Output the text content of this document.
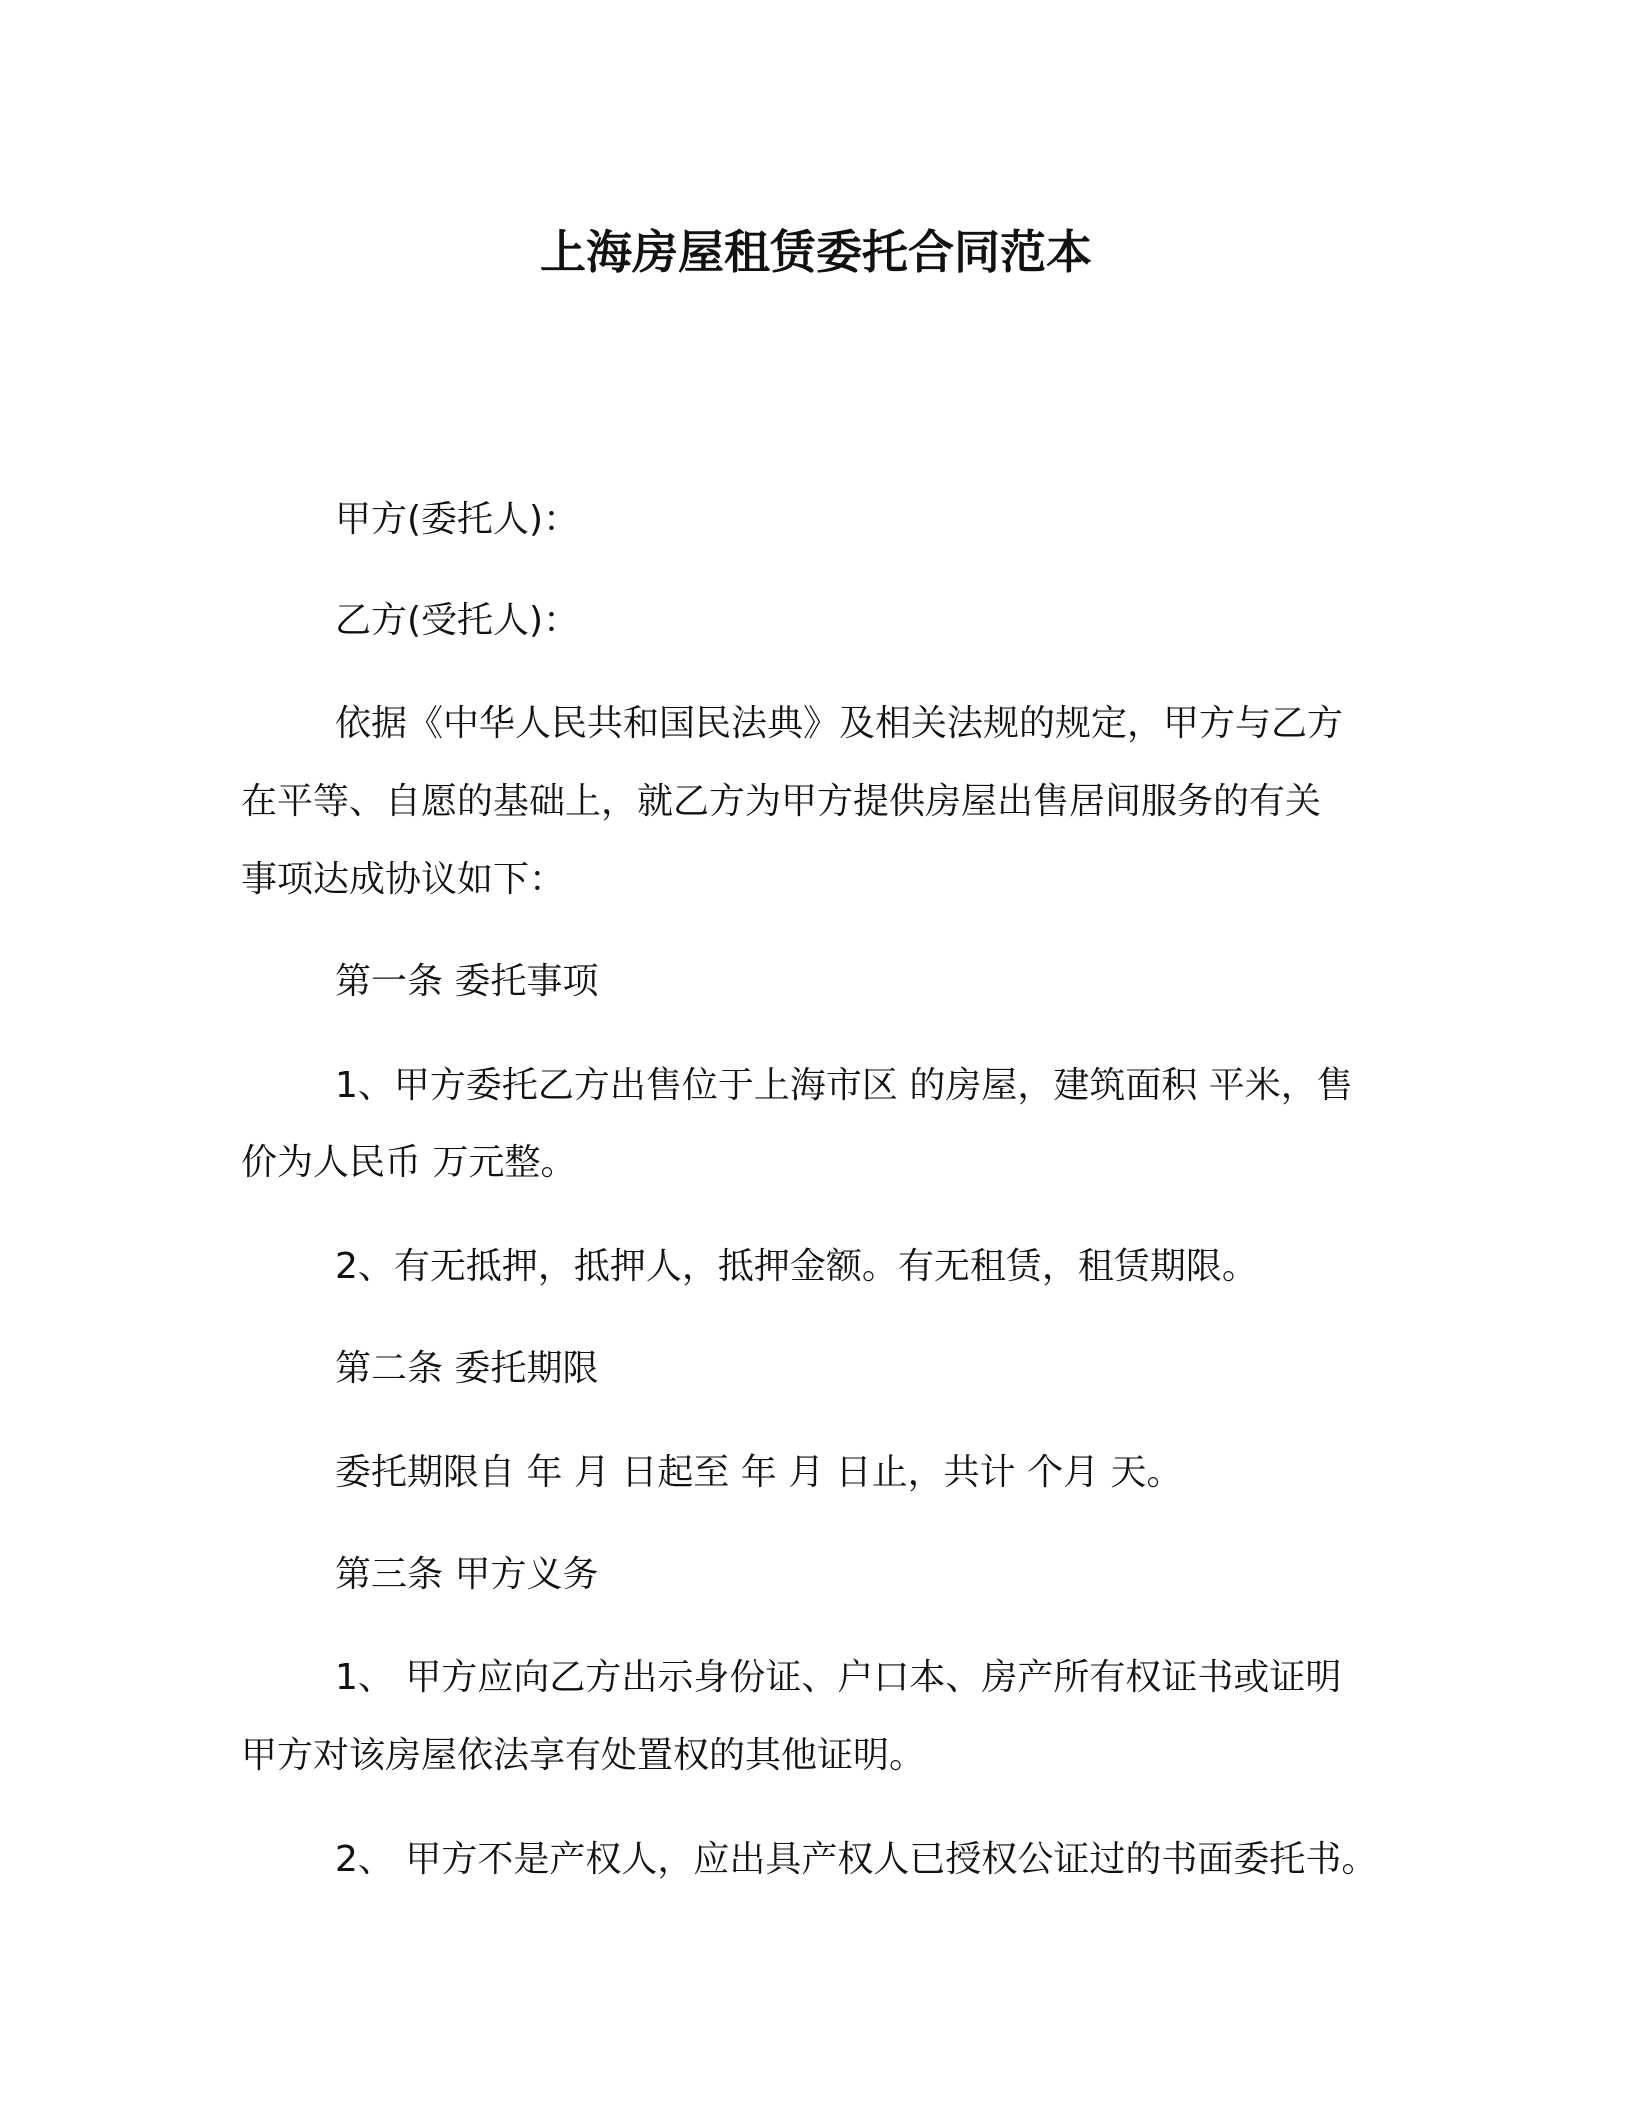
上海房屋租赁委托合同范本
甲方(委托人)：
乙方(受托人)：
依据《中华人民共和国民法典》及相关法规的规定，甲方与乙方
在平等、自愿的基础上，就乙方为甲方提供房屋出售居间服务的有关
事项达成协议如下：
第一条 委托事项
1、甲方委托乙方出售位于上海市区 的房屋，建筑面积 平米，售
价为人民币 万元整。
2、有无抵押，抵押人，抵押金额。有无租赁，租赁期限。
第二条 委托期限
委托期限自 年 月 日起至 年 月 日止，共计 个月 天。
第三条 甲方义务
1、 甲方应向乙方出示身份证、户口本、房产所有权证书或证明
甲方对该房屋依法享有处置权的其他证明。
2、 甲方不是产权人，应出具产权人已授权公证过的书面委托书。
